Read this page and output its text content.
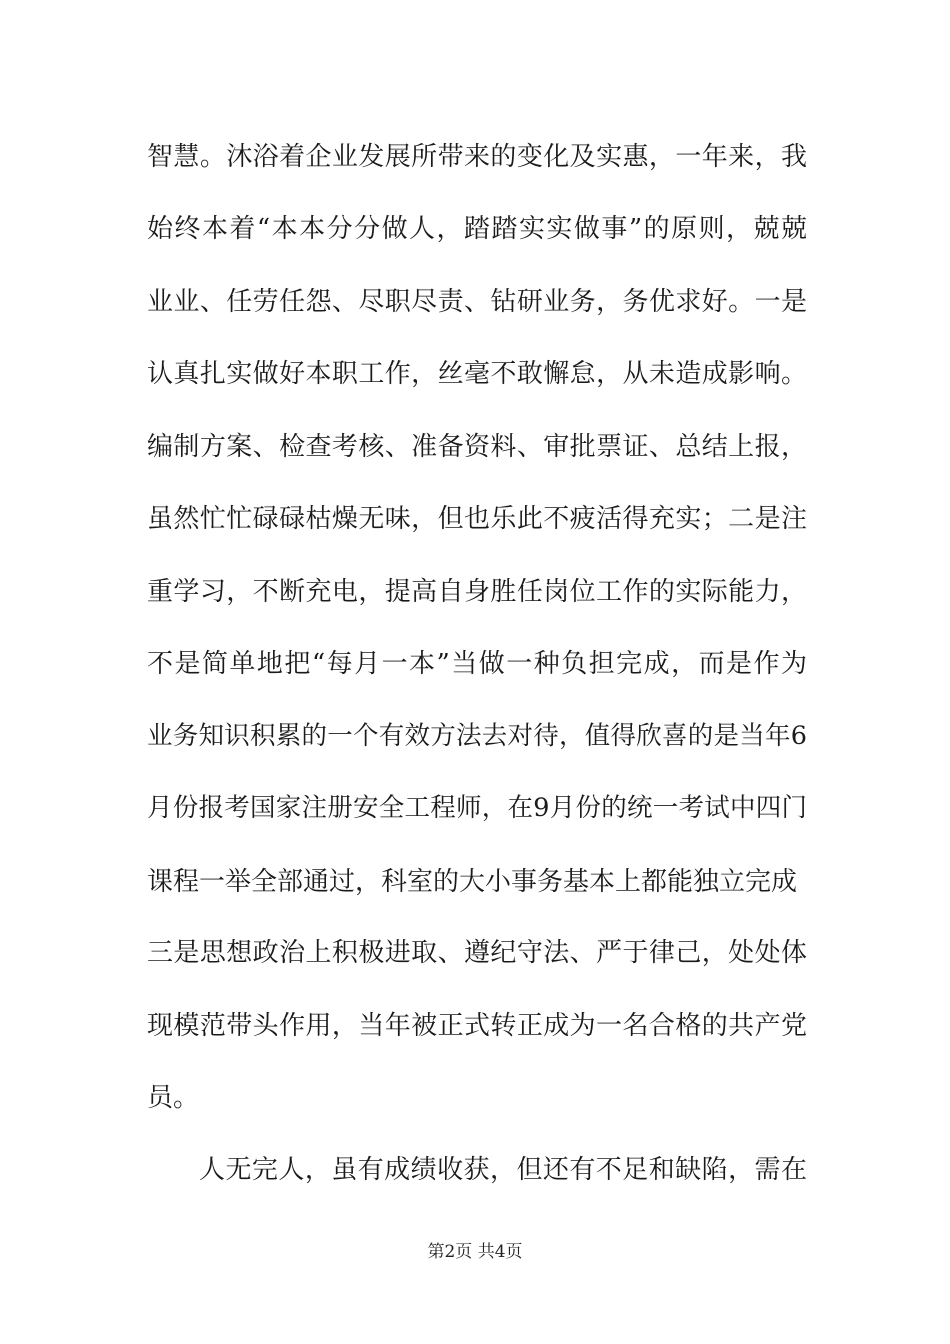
智慧。沐浴着企业发展所带来的变化及实惠，一年来，我
始终本着“本本分分做人，踏踏实实做事”的原则，兢兢
业业、任劳任怨、尽职尽责、钻研业务，务优求好。一是
认真扎实做好本职工作，丝毫不敢懈怠，从未造成影响。
编制方案、检查考核、准备资料、审批票证、总结上报，
虽然忙忙碌碌枯燥无味，但也乐此不疲活得充实；二是注
重学习，不断充电，提高自身胜任岗位工作的实际能力，
不是简单地把“每月一本”当做一种负担完成，而是作为
业务知识积累的一个有效方法去对待，值得欣喜的是当年6
月份报考国家注册安全工程师，在9月份的统一考试中四门
课程一举全部通过，科室的大小事务基本上都能独立完成
三是思想政治上积极进取、遵纪守法、严于律己，处处体
现模范带头作用，当年被正式转正成为一名合格的共产党
员。
人无完人，虽有成绩收获，但还有不足和缺陷，需在
第2页 共4页
